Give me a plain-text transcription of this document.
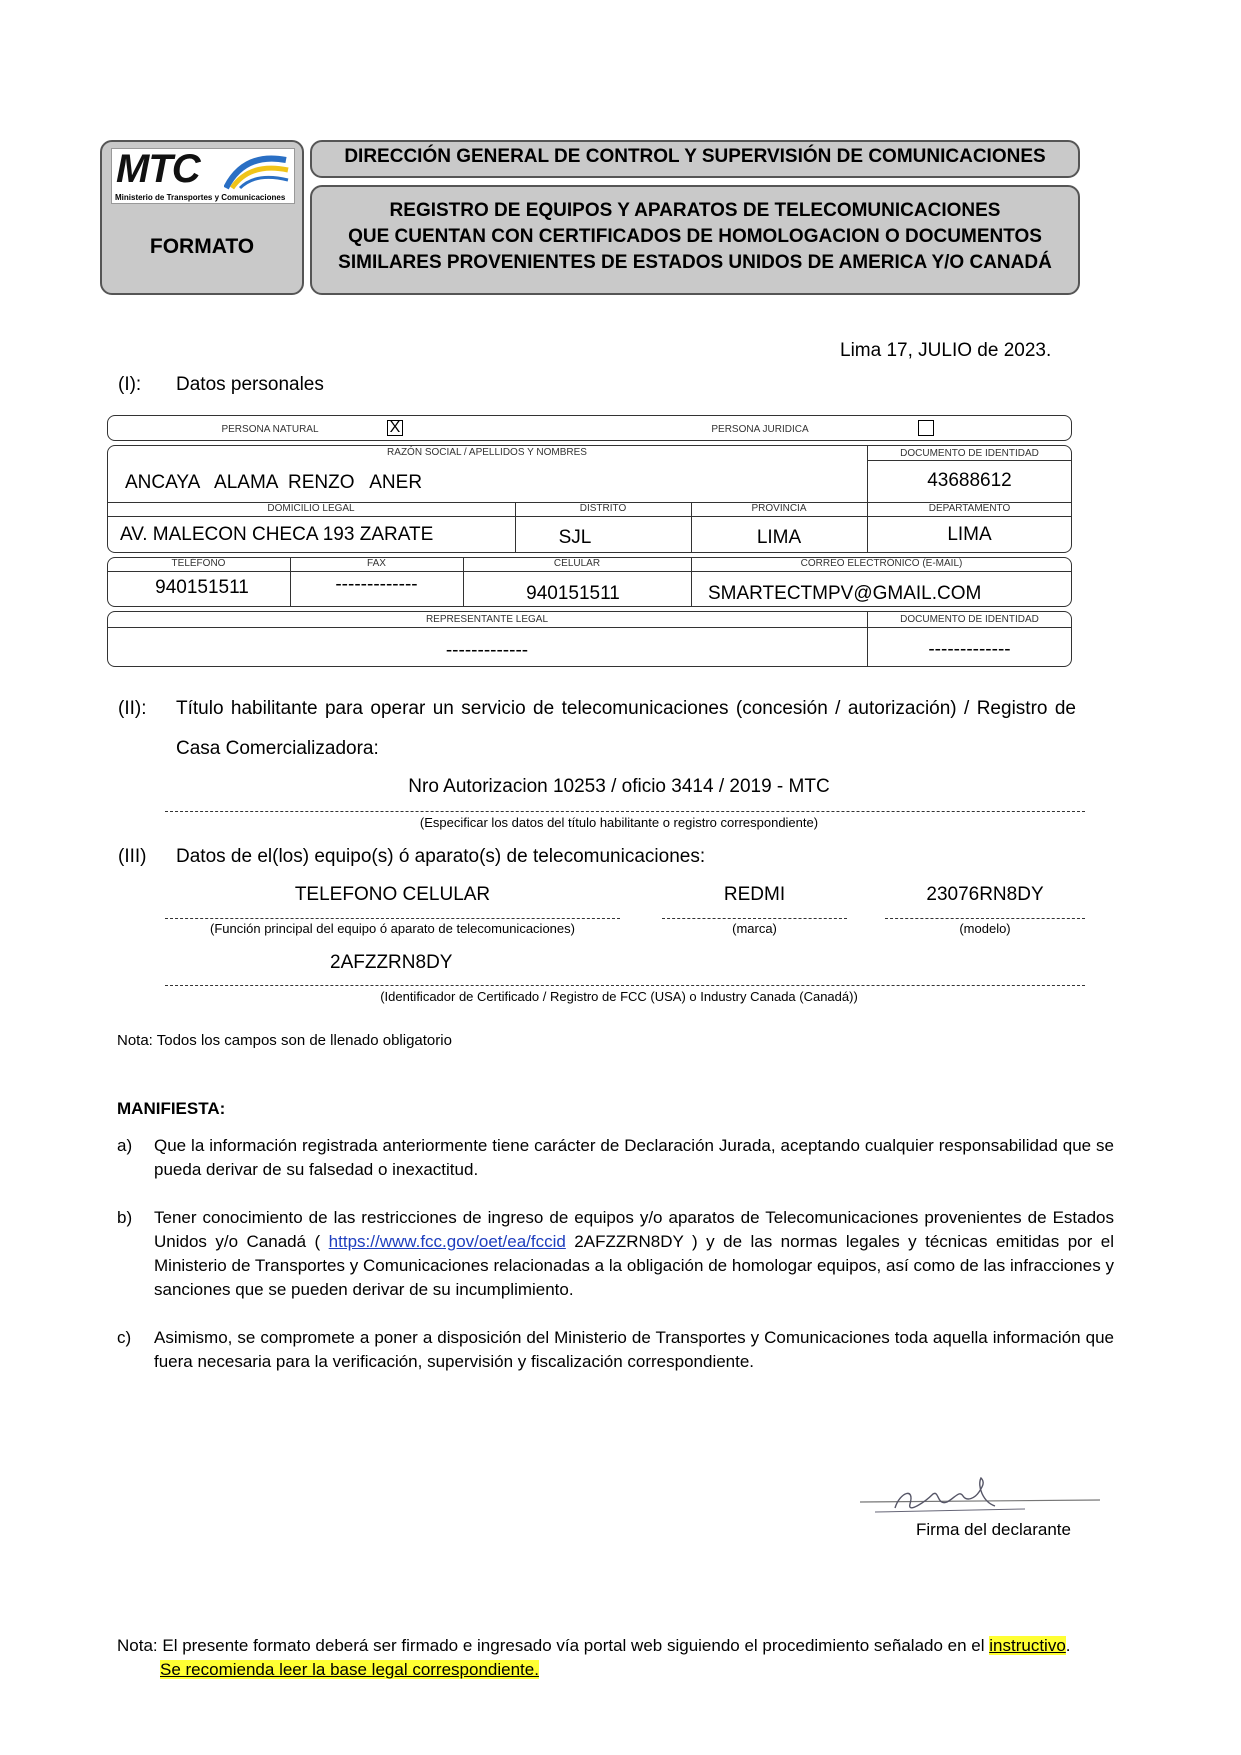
MTC
Ministerio de Transportes y Comunicaciones
FORMATO
DIRECCIÓN GENERAL DE CONTROL Y SUPERVISIÓN DE COMUNICACIONES
REGISTRO DE EQUIPOS Y APARATOS DE TELECOMUNICACIONES
QUE CUENTAN CON CERTIFICADOS DE HOMOLOGACION O DOCUMENTOS
SIMILARES PROVENIENTES DE ESTADOS UNIDOS DE AMERICA Y/O CANADÁ
Lima 17, JULIO de 2023.
(I): Datos personales
PERSONA NATURAL	X	PERSONA JURIDICA
RAZÓN SOCIAL / APELLIDOS Y NOMBRES	DOCUMENTO DE IDENTIDAD
ANCAYA   ALAMA  RENZO   ANER	43688612
DOMICILIO LEGAL	DISTRITO	PROVINCIA	DEPARTAMENTO
AV. MALECON CHECA 193 ZARATE	SJL	LIMA	LIMA
TELÉFONO	FAX	CELULAR	CORREO ELECTRÓNICO (E-MAIL)
940151511	-------------	940151511	SMARTECTMPV@GMAIL.COM
REPRESENTANTE LEGAL	DOCUMENTO DE IDENTIDAD
-------------	-------------
(II): Título habilitante para operar un servicio de telecomunicaciones (concesión / autorización) / Registro de
Casa Comercializadora:
Nro Autorizacion 10253 / oficio 3414 / 2019 - MTC
(Especificar los datos del título habilitante o registro correspondiente)
(III) Datos de el(los) equipo(s) ó aparato(s) de telecomunicaciones:
TELEFONO CELULAR
(Función principal del equipo ó aparato de telecomunicaciones)
REDMI
(marca)
23076RN8DY
(modelo)
2AFZZRN8DY
(Identificador de Certificado / Registro de FCC (USA) o Industry Canada (Canadá))
Nota: Todos los campos son de llenado obligatorio
MANIFIESTA:
a) Que la información registrada anteriormente tiene carácter de Declaración Jurada, aceptando cualquier responsabilidad que se pueda derivar de su falsedad o inexactitud.
b) Tener conocimiento de las restricciones de ingreso de equipos y/o aparatos de Telecomunicaciones provenientes de Estados Unidos y/o Canadá ( https://www.fcc.gov/oet/ea/fccid 2AFZZRN8DY ) y de las normas legales y técnicas emitidas por el Ministerio de Transportes y Comunicaciones relacionadas a la obligación de homologar equipos, así como de las infracciones y sanciones que se pueden derivar de su incumplimiento.
c) Asimismo, se compromete a poner a disposición del Ministerio de Transportes y Comunicaciones toda aquella información que fuera necesaria para la verificación, supervisión y fiscalización correspondiente.
Firma del declarante
Nota: El presente formato deberá ser firmado e ingresado vía portal web siguiendo el procedimiento señalado en el instructivo.
Se recomienda leer la base legal correspondiente.
